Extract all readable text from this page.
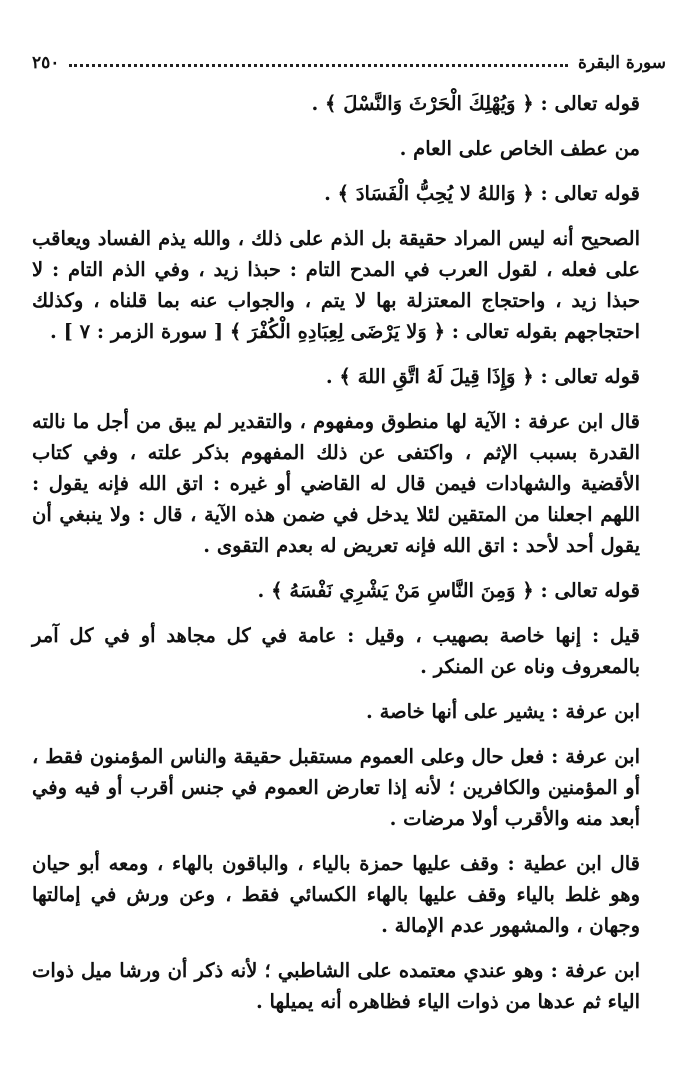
سورة البقرة
٢٥٠

قوله تعالى : ﴿ وَيُهْلِكَ الْحَرْثَ وَالنَّسْلَ ﴾ .

من عطف الخاص على العام .

قوله تعالى : ﴿ وَاللهُ لا يُحِبُّ الْفَسَادَ ﴾ .

الصحيح أنه ليس المراد حقيقة بل الذم على ذلك ، والله يذم الفساد ويعاقب على فعله ، لقول العرب في المدح التام : حبذا زيد ، وفي الذم التام : لا حبذا زيد ، واحتجاج المعتزلة بها لا يتم ، والجواب عنه بما قلناه ، وكذلك احتجاجهم بقوله تعالى : ﴿ وَلا يَرْضَى لِعِبَادِهِ الْكُفْرَ ﴾ [ سورة الزمر : ٧ ] .

قوله تعالى : ﴿ وَإِذَا قِيلَ لَهُ اتَّقِ اللهَ ﴾ .

قال ابن عرفة : الآية لها منطوق ومفهوم ، والتقدير لم يبق من أجل ما نالته القدرة بسبب الإثم ، واكتفى عن ذلك المفهوم بذكر علته ، وفي كتاب الأقضية والشهادات فيمن قال له القاضي أو غيره : اتق الله فإنه يقول : اللهم اجعلنا من المتقين لئلا يدخل في ضمن هذه الآية ، قال : ولا ينبغي أن يقول أحد لأحد : اتق الله فإنه تعريض له بعدم التقوى .

قوله تعالى : ﴿ وَمِنَ النَّاسِ مَنْ يَشْرِي نَفْسَهُ ﴾ .

قيل : إنها خاصة بصهيب ، وقيل : عامة في كل مجاهد أو في كل آمر بالمعروف وناه عن المنكر .

ابن عرفة : يشير على أنها خاصة .

ابن عرفة : فعل حال وعلى العموم مستقبل حقيقة والناس المؤمنون فقط ، أو المؤمنين والكافرين ؛ لأنه إذا تعارض العموم في جنس أقرب أو فيه وفي أبعد منه والأقرب أولا مرضات .

قال ابن عطية : وقف عليها حمزة بالياء ، والباقون بالهاء ، ومعه أبو حيان وهو غلط بالياء وقف عليها بالهاء الكسائي فقط ، وعن ورش في إمالتها وجهان ، والمشهور عدم الإمالة .

ابن عرفة : وهو عندي معتمده على الشاطبي ؛ لأنه ذكر أن ورشا ميل ذوات الياء ثم عدها من ذوات الياء فظاهره أنه يميلها .
